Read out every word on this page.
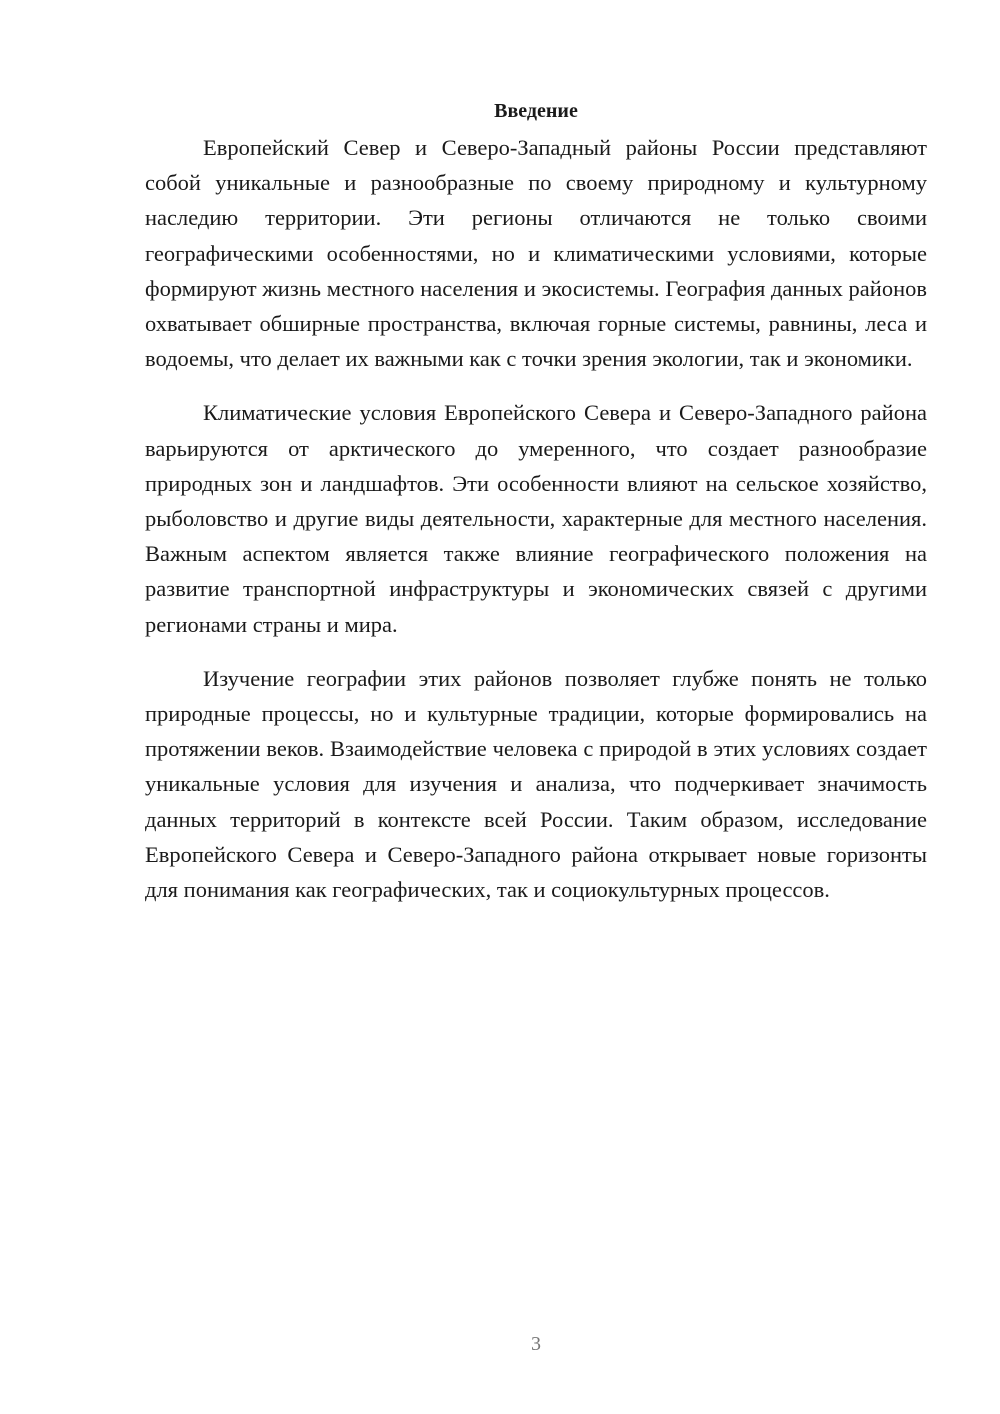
Введение

Европейский Север и Северо-Западный районы России представляют собой уникальные и разнообразные по своему природному и культурному наследию территории. Эти регионы отличаются не только своими географическими особенностями, но и климатическими условиями, которые формируют жизнь местного населения и экосистемы. География данных районов охватывает обширные пространства, включая горные системы, равнины, леса и водоемы, что делает их важными как с точки зрения экологии, так и экономики.

Климатические условия Европейского Севера и Северо-Западного района варьируются от арктического до умеренного, что создает разнообразие природных зон и ландшафтов. Эти особенности влияют на сельское хозяйство, рыболовство и другие виды деятельности, характерные для местного населения. Важным аспектом является также влияние географического положения на развитие транспортной инфраструктуры и экономических связей с другими регионами страны и мира.

Изучение географии этих районов позволяет глубже понять не только природные процессы, но и культурные традиции, которые формировались на протяжении веков. Взаимодействие человека с природой в этих условиях создает уникальные условия для изучения и анализа, что подчеркивает значимость данных территорий в контексте всей России. Таким образом, исследование Европейского Севера и Северо-Западного района открывает новые горизонты для понимания как географических, так и социокультурных процессов.

3
